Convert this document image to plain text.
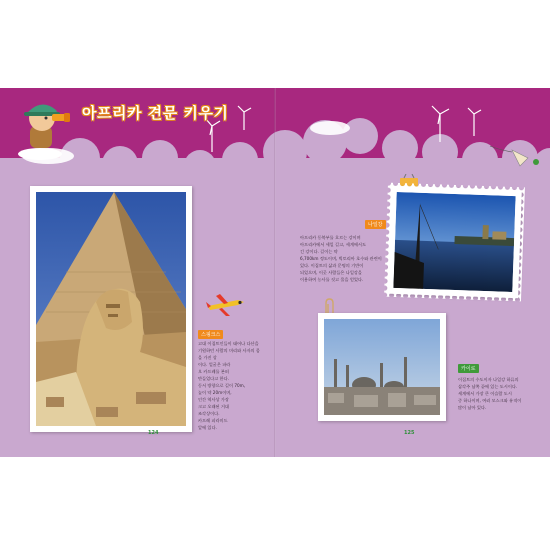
아프리카 견문 키우기
스핑크스
고대 이집트인들이 태어나 다산을 기원하던 사람의 머리와 사자의 몸을 가진 상
이다. 얼굴은 파라
오 카프레를 본떠
만들었다고 한다.
동서 방향으로 길이 70m,
높이 약 20m이며,
인간 역사상 가장
크고 오래된 거대
조각상이다.
카프레 피라미드
앞에 있다.
124
나일강
아프리카 동북부를 흐르는 강이며
아프리카에서 세일 길고, 세계에서도
긴 강이다. 길이는 약
6,700km 정도이며, 빅토리아 호수와 관련이
있다. 이집트의 삶과 문명의 기반이
되었으며, 이곳 사람들은 나일강을
이용하여 농사를 짓고 물을 얻었다.
카이로
이집트의 수도이자 나일강 하류의
삼각주 남쪽 끝에 있는 도시이다.
세계에서 가장 큰 이슬람 도시
중 하나이며, 여러 모스크와 유적이
많이 남아 있다.
125
